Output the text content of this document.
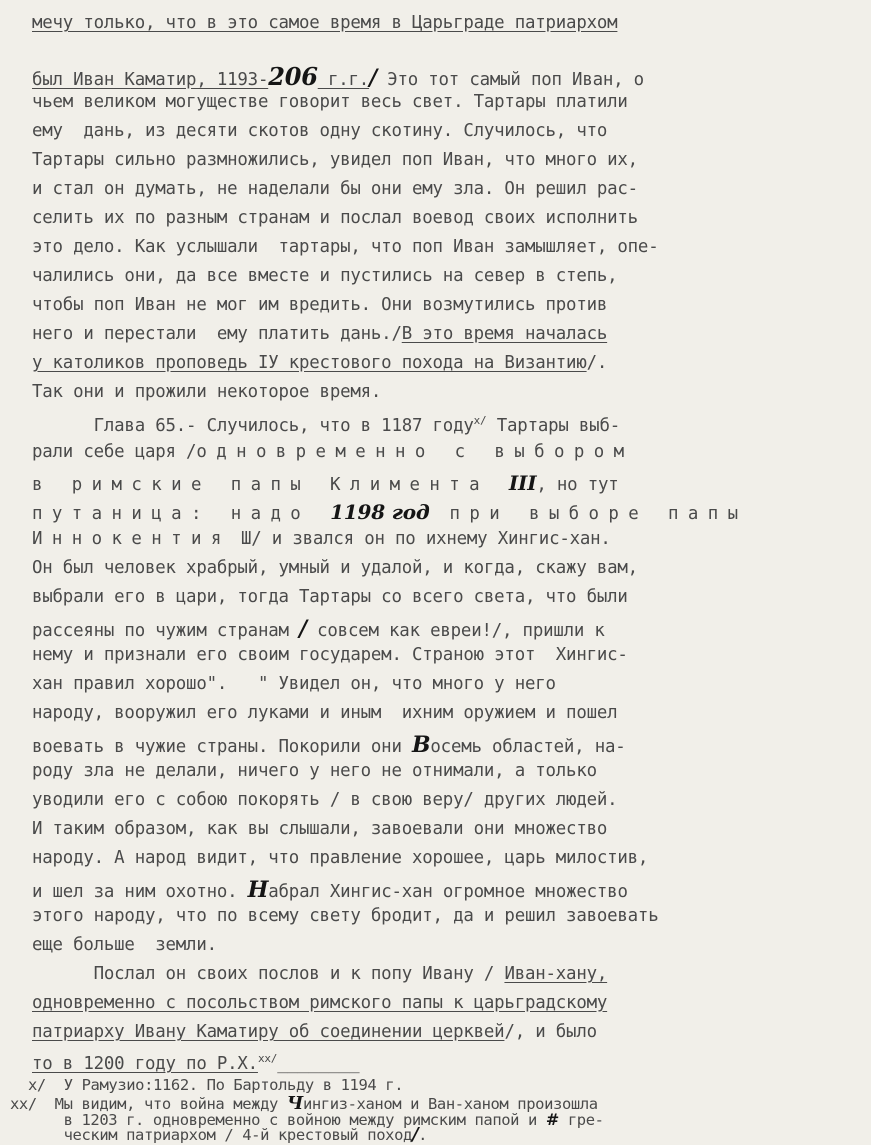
мечу только, что в это самое время в Царьграде патриархом
был Иван Каматир, 1193-206 г.г./ Это тот самый поп Иван, о
чьем великом могуществе говорит весь свет. Тартары платили
ему  дань, из десяти скотов одну скотину. Случилось, что
Тартары сильно размножились, увидел поп Иван, что много их,
и стал он думать, не наделали бы они ему зла. Он решил рас-
селить их по разным странам и послал воевод своих исполнить
это дело. Как услышали  тартары, что поп Иван замышляет, опе-
чалились они, да все вместе и пустились на север в степь,
чтобы поп Иван не мог им вредить. Они возмутились против
него и перестали  ему платить дань./В это время началась
у католиков проповедь IУ крестового похода на Византию/.
Так они и прожили некоторое время.
Глава 65.- Случилось, что в 1187 году$^{x/}$ Тартары выб-
рали себе царя /одновременно с выбором
в римские папы Климента III, но тут
путаница: надо 1198 год при выборе папы
Иннокентия Ш/ и звался он по ихнему Хингис-хан.
Он был человек храбрый, умный и удалой, и когда, скажу вам,
выбрали его в цари, тогда Тартары со всего света, что были
рассеяны по чужим странам / совсем как евреи!/, пришли к
нему и признали его своим государем. Страною этот  Хингис-
хан правил хорошо".   " Увидел он, что много у него
народу, вооружил его луками и иным  ихним оружием и пошел
воевать в чужие страны. Покорили они Восемь областей, на-
роду зла не делали, ничего у него не отнимали, а только
уводили его с собою покорять / в свою веру/ других людей.
И таким образом, как вы слышали, завоевали они множество
народу. А народ видит, что правление хорошее, царь милостив,
и шел за ним охотно. Набрал Хингис-хан огромное множество
этого народу, что по всему свету бродит, да и решил завоевать
еще больше  земли.
Послал он своих послов и к попу Ивану / Иван-хану,
одновременно с посольством римского папы к царьградскому
патриарху Ивану Каматиру об соединении церквей/, и было
то в 1200 году по Р.Х.$^{xx/}$________
x/  У Рамузио:1162. По Бартольду в 1194 г.
xx/  Мы видим, что война между Чингиз-ханом и Ван-ханом произошла
в 1203 г. одновременно с войною между римским папой и # гре-
ческим патриархом / 4-й крестовый поход/.
